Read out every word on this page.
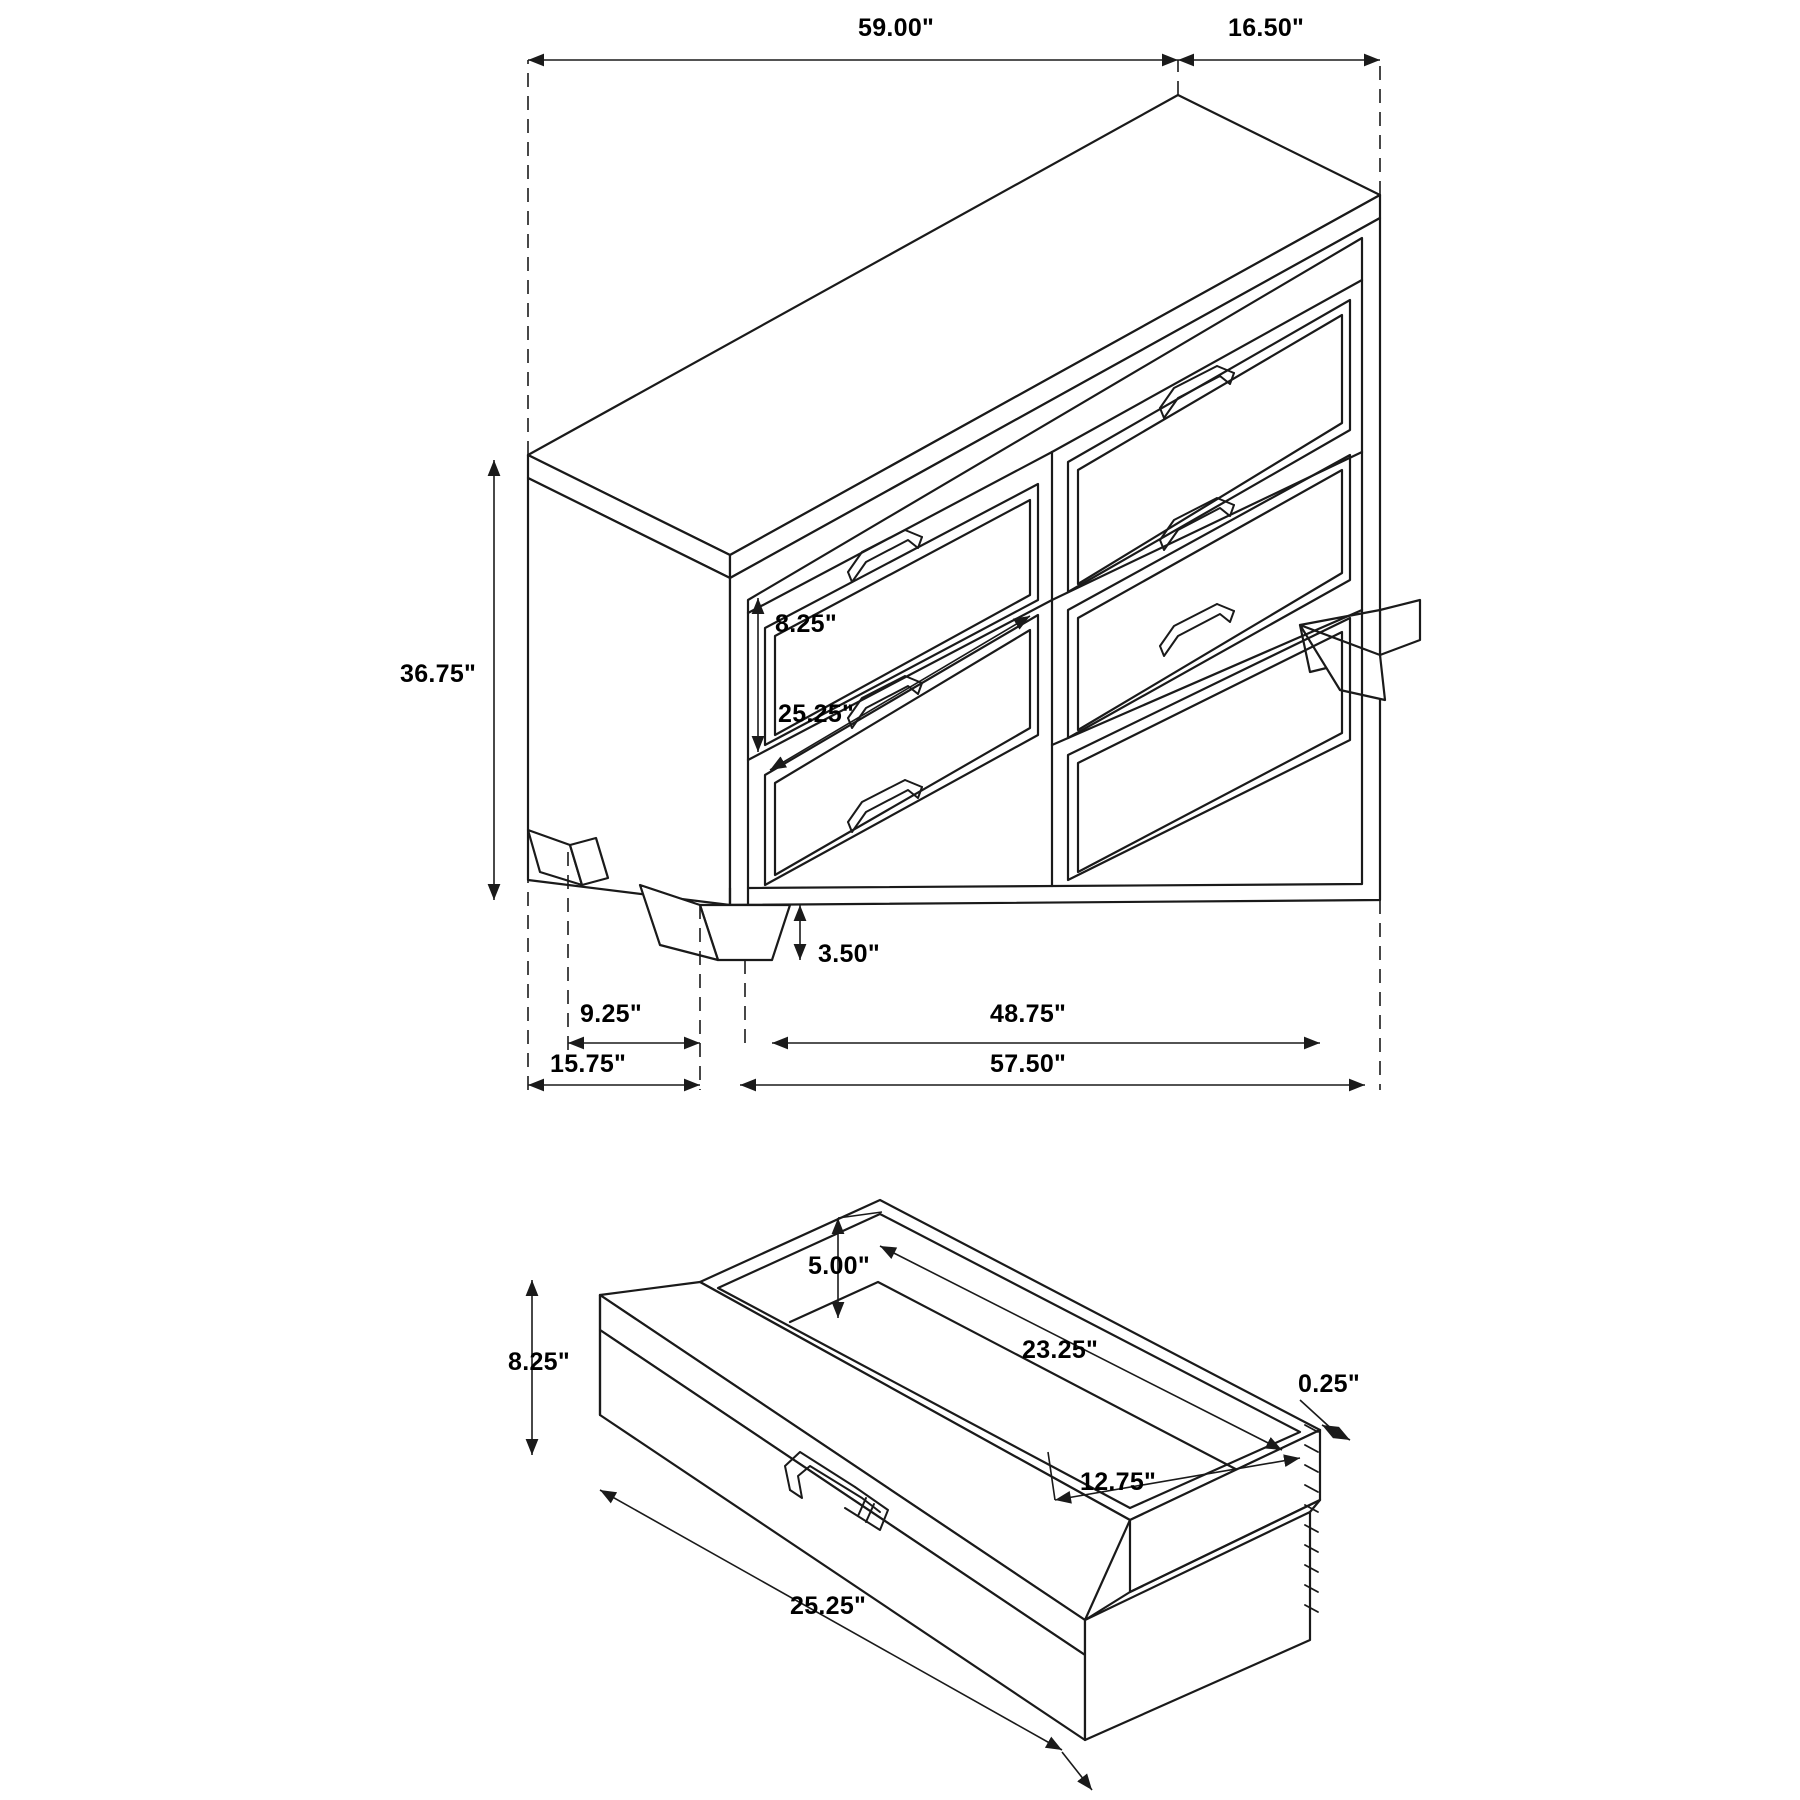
59.00"	16.50"
36.75"
8.25"
25.25"
3.50"
9.25"
15.75"
48.75"
57.50"
5.00"
8.25"	23.25"
0.25"
12.75"
25.25"
